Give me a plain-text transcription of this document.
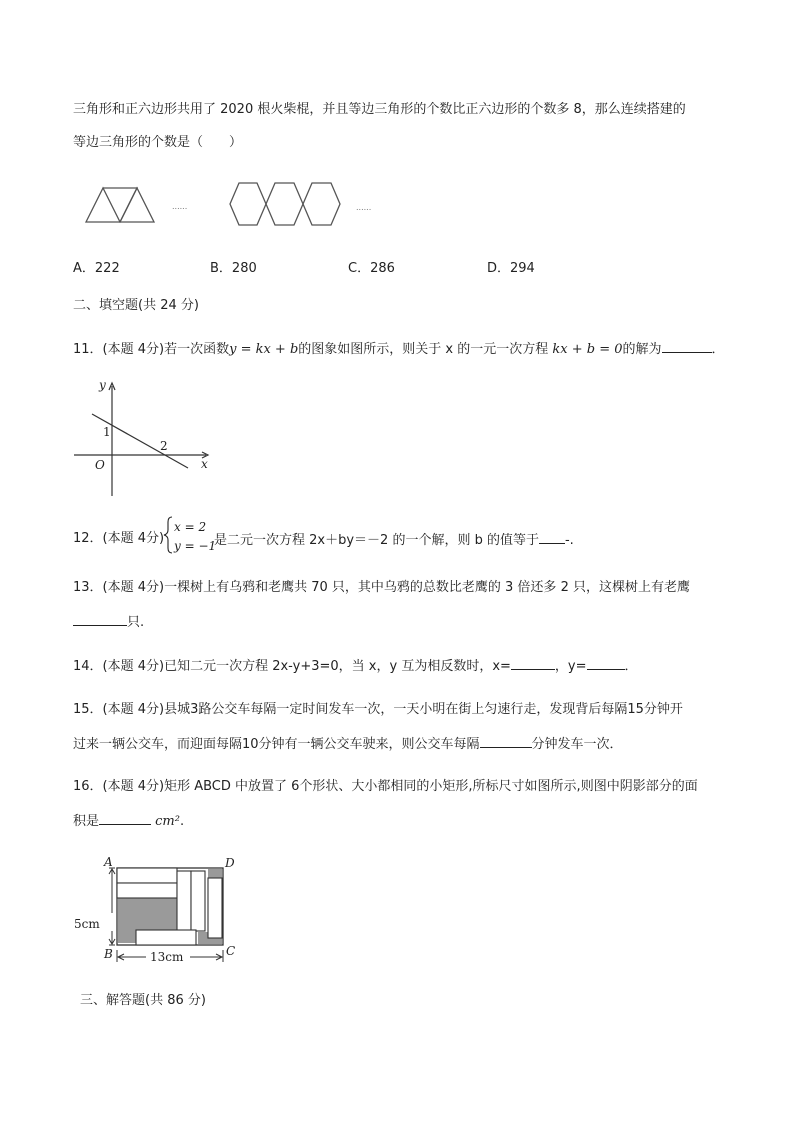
三角形和正六边形共用了 2020 根火柴棍，并且等边三角形的个数比正六边形的个数多 8，那么连续搭建的
等边三角形的个数是（　　）
......	......
A．222	B．280	C．286	D．294
二、填空题(共 24 分)
11．(本题 4分)若一次函数y = kx + b的图象如图所示，则关于 x 的一元一次方程 kx + b = 0的解为	．
y
x
O
1
2
12．(本题 4分)
x = 2
y = −1
是二元一次方程 2x＋by＝－2 的一个解，则 b 的值等于 -.
13．(本题 4分)一棵树上有乌鸦和老鹰共 70 只，其中乌鸦的总数比老鹰的 3 倍还多 2 只，这棵树上有老鹰
只.
14．(本题 4分)已知二元一次方程 2x-y+3=0，当 x，y 互为相反数时，x=	，y=	．
15．(本题 4分)县城3路公交车每隔一定时间发车一次，一天小明在街上匀速行走，发现背后每隔15分钟开
过来一辆公交车，而迎面每隔10分钟有一辆公交车驶来，则公交车每隔	分钟发车一次．
16．(本题 4分)矩形 ABCD 中放置了 6个形状、大小都相同的小矩形,所标尺寸如图所示,则图中阴影部分的面
积是	cm².
5cm
13cm
A	D
B	C
三、解答题(共 86 分)
